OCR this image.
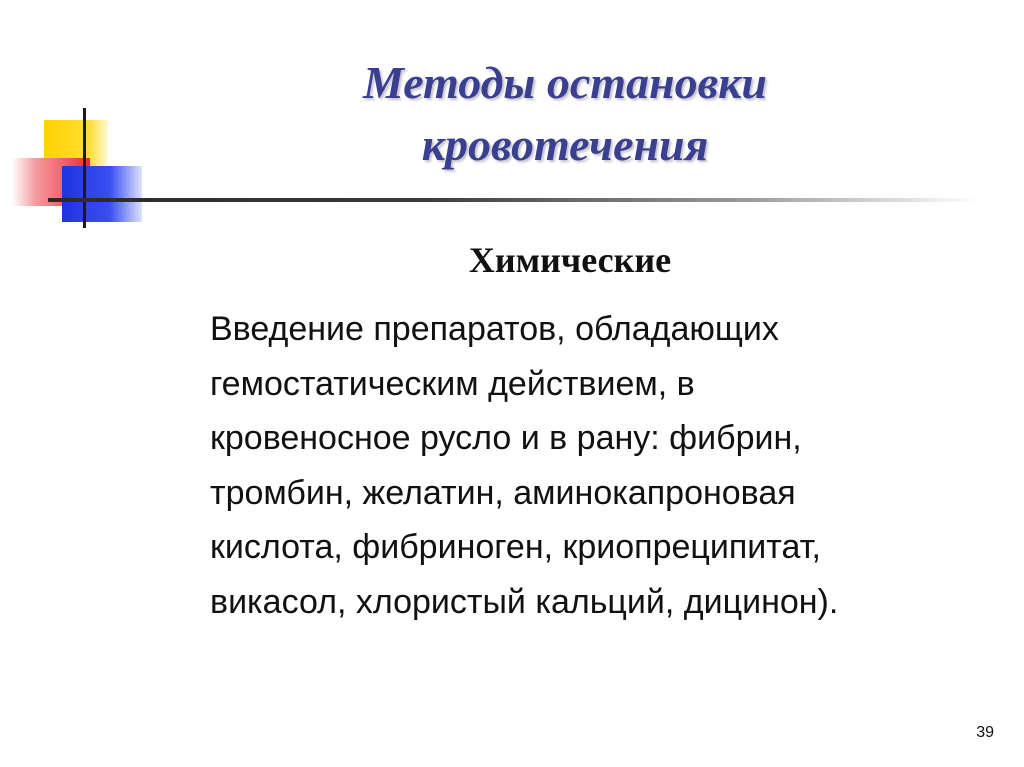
Методы остановки
кровотечения
Химические
Введение препаратов, обладающих
гемостатическим действием, в
кровеносное русло и в рану: фибрин,
тромбин, желатин, аминокапроновая
кислота, фибриноген, криопреципитат,
викасол, хлористый кальций, дицинон).
39
